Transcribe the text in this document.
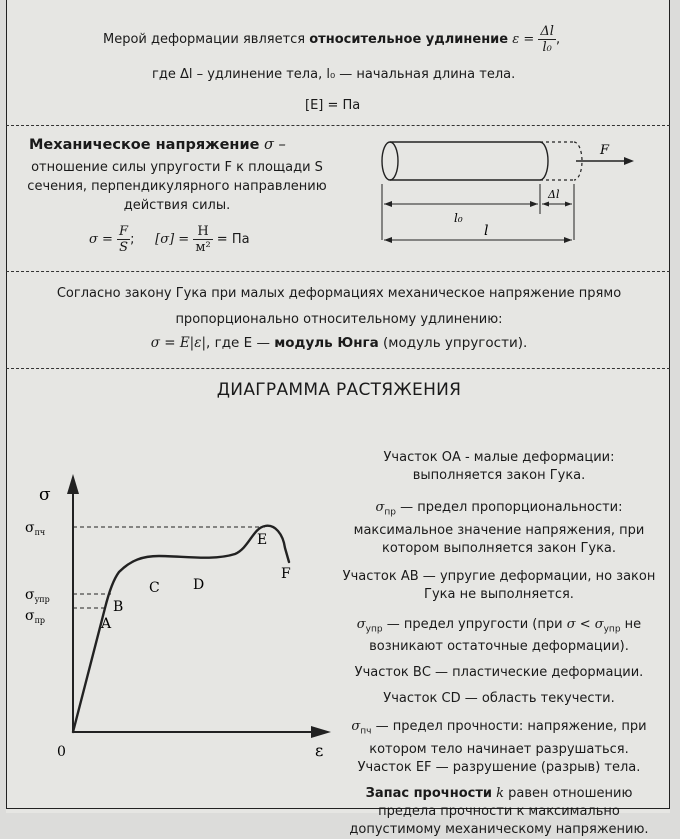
Мерой деформации является относительное удлинение $\varepsilon = \frac{\Delta l}{\text{l₀}}$ ,
где Δl – удлинение тела, l₀ — начальная длина тела.
[E] = Па
Механическое напряжение σ –
отношение силы упругости F к площади S
сечения, перпендикулярного направлению
действия силы.
$\sigma = \frac{F}{S}$ ; $[\sigma] = \frac{Н}{\text{м²}}$ = Па
F
l₀
Δl
l
Согласно закону Гука при малых деформациях механическое напряжение прямо
пропорционально относительному удлинению:
σ = E|ε|, где E — модуль Юнга (модуль упругости).
ДИАГРАММА РАСТЯЖЕНИЯ
σ
ε
0
$\sigma_{пч}$
$\sigma_{упр}$
$\sigma_{пр}$	A
B
C D
E
F
Участок ОА - малые деформации:
выполняется закон Гука.
$\sigma_{пр}$ — предел пропорциональности:
максимальное значение напряжения, при
котором выполняется закон Гука.
Участок АВ — упругие деформации, но закон
Гука не выполняется.
$\sigma_{упр}$ — предел упругости (при $\sigma < \sigma_{упр}$ не
возникают остаточные деформации).
Участок ВС — пластические деформации.
Участок CD — область текучести.
$\sigma_{пч}$ — предел прочности: напряжение, при
котором тело начинает разрушаться.
Участок EF — разрушение (разрыв) тела.
Запас прочности k равен отношению
предела прочности к максимально
допустимому механическому напряжению.
